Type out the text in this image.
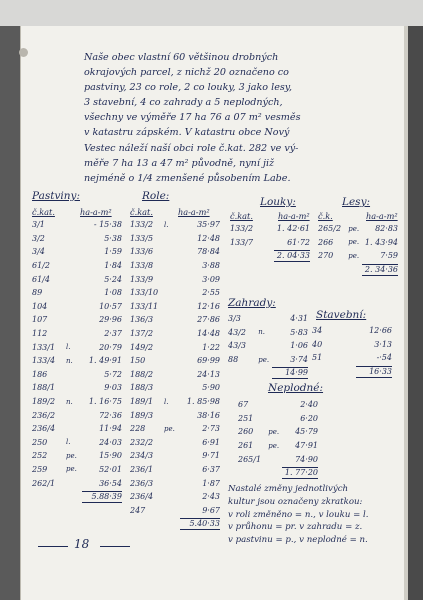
Naše obec vlastní 60 většinou drobných
okrajových parcel, z nichž 20 označeno co
pastviny, 23 co role, 2 co louky, 3 jako lesy,
3 stavební, 4 co zahrady a 5 neplodných,
všechny ve výměře 17 ha 76 a 07 m² vesměs
v katastru zápském. V katastru obce Nový
Vestec náleží naší obci role č.kat. 282 ve vý-
měře 7 ha 13 a 47 m² původně, nyní již
nejméně o 1/4 zmenšené působením Labe.
Pastviny:	Role:	Louky:	Lesy:
Zahrady:
Stavební:
Neplodné:
č.kat.	ha-a-m²
3/1	- 15·38
3/2	5·38
3/4	1·59
61/2	1·84
61/4	5·24
89	1·08
104	10·57
107	29·96
112	2·37
133/1	l.	20·79
133/4	n.	1. 49·91
186	5·72
188/1	9·03
189/2	n.	1. 16·75
236/2	72·36
236/4	11·94
250	l.	24·03
252	pe.	15·90
259	pe.	52·01
262/1	36·54
5.88·39
č.kat.	ha-a-m²
133/2	l.	35·97
133/5	12·48
133/6	78·84
133/8	3·88
133/9	3·09
133/10	2·55
133/11	12·16
136/3	27·86
137/2	14·48
149/2	1·22
150	69·99
188/2	24·13
188/3	5·90
189/1	l.	1. 85·98
189/3	38·16
228	pe.	2·73
232/2	6·91
234/3	9·71
236/1	6·37
236/3	1·87
236/4	2·43
247	9·67
5.40·33
č.kat.	ha-a-m²
133/2	1. 42·61
133/7	61·72
2. 04·33
č.k.	ha-a-m²
265/2	pe.	82·83
266	pe. 1. 43·94
270	pe.	7·59
2. 34·36
3/3	4·31
43/2	n.	5·83
43/3	1·06
88	pe.	3·74
14·99
34	12·66
40	3·13
51	-·54
16·33
67	2·40
251	6·20
260	pe.	45·79
261	pe.	47·91
265/1	74·90
1. 77·20
Nastalé změny jednotlivých
kultur jsou označeny zkratkou:
v roli změněno = n., v louku = l.
v průhonu = pr. v zahradu = z.
v pastvinu = p., v neplodné = n.
18
